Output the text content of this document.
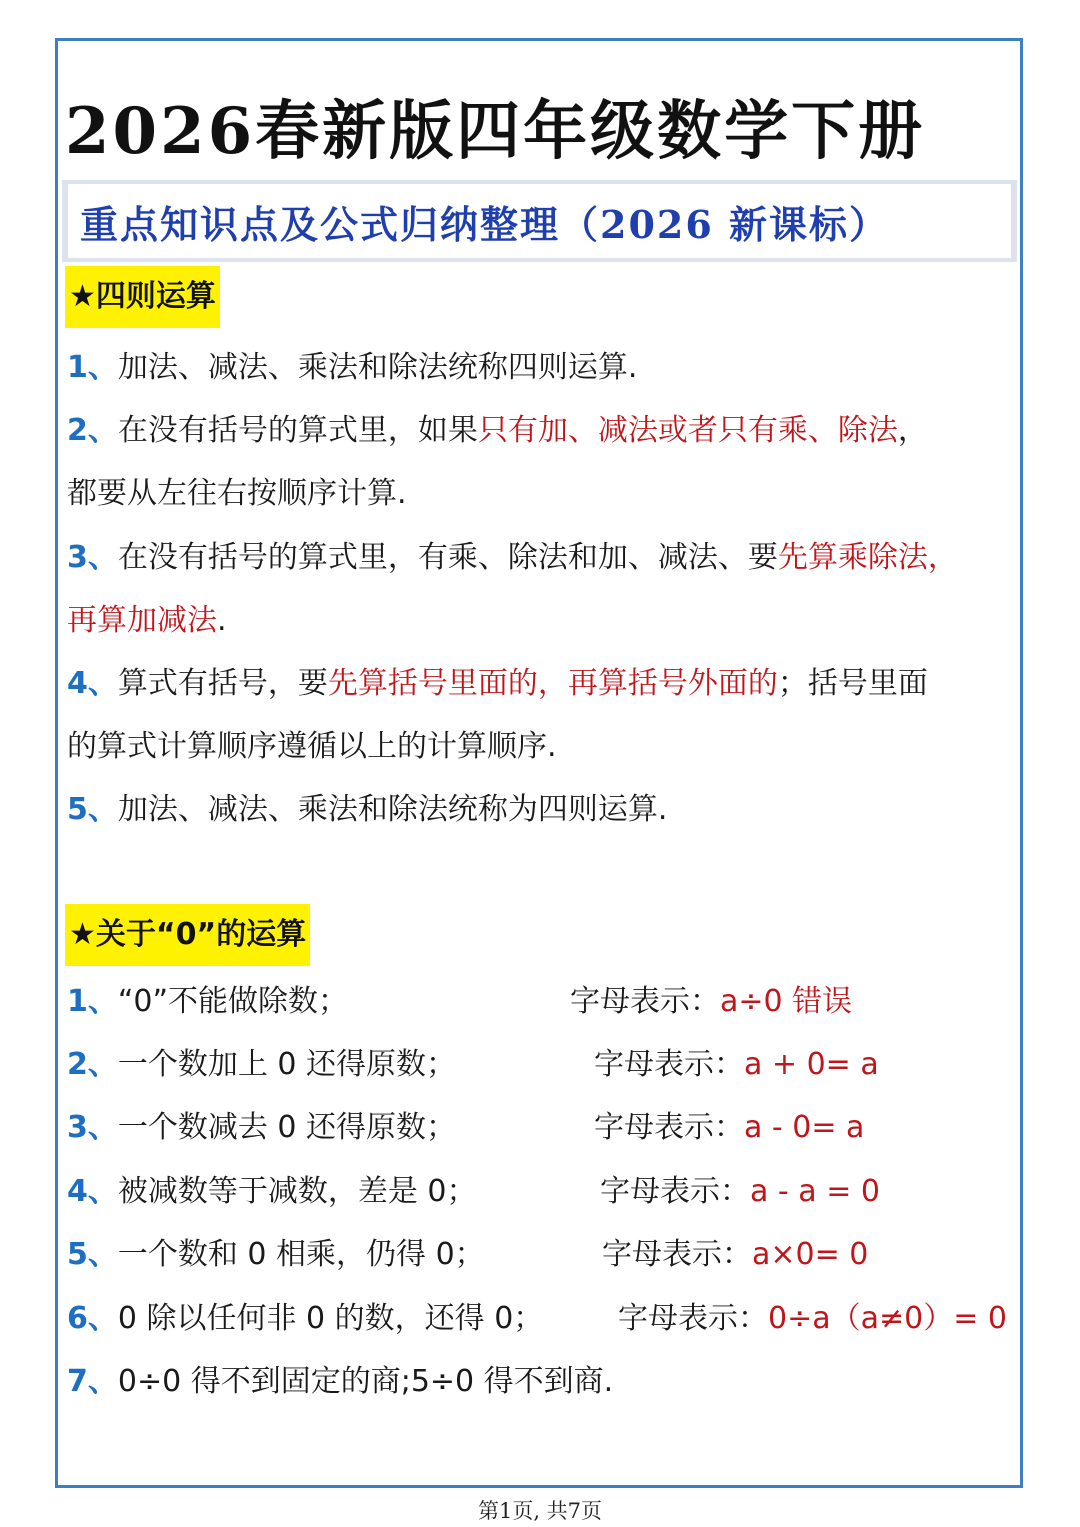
2026春新版四年级数学下册
重点知识点及公式归纳整理（2026 新课标）
★四则运算
1、加法、减法、乘法和除法统称四则运算.
2、在没有括号的算式里，如果只有加、减法或者只有乘、除法，
都要从左往右按顺序计算.
3、在没有括号的算式里，有乘、除法和加、减法、要先算乘除法，
再算加减法.
4、算式有括号，要先算括号里面的，再算括号外面的；括号里面
的算式计算顺序遵循以上的计算顺序.
5、加法、减法、乘法和除法统称为四则运算.
★关于“0”的运算
1、“0”不能做除数；	字母表示：a÷0 错误
2、一个数加上 0 还得原数；	字母表示：a + 0= a
3、一个数减去 0 还得原数；	字母表示：a - 0= a
4、被减数等于减数，差是 0；	字母表示：a - a = 0
5、一个数和 0 相乘，仍得 0；	字母表示：a×0= 0
6、0 除以任何非 0 的数，还得 0； 字母表示：0÷a（a≠0）= 0
7、0÷0 得不到固定的商;5÷0 得不到商.
第1页, 共7页
